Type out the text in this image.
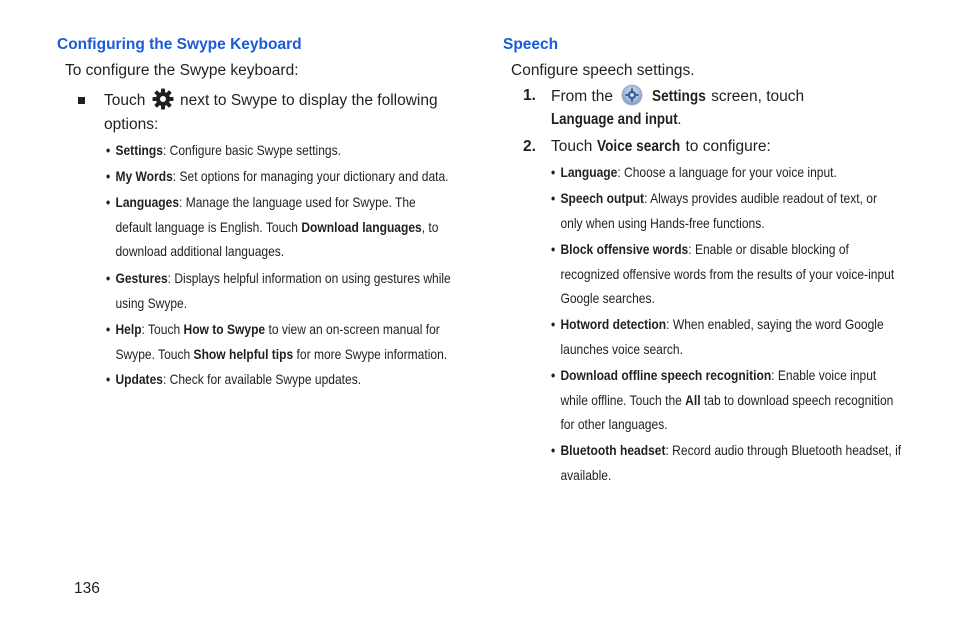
Configuring the Swype Keyboard
To configure the Swype keyboard:
Touch next to Swype to display the following
options:
• Settings: Configure basic Swype settings.
• My Words: Set options for managing your dictionary and data.
• Languages: Manage the language used for Swype. The
default language is English. Touch Download languages, to
download additional languages.
• Gestures: Displays helpful information on using gestures while
using Swype.
• Help: Touch How to Swype to view an on-screen manual for
Swype. Touch Show helpful tips for more Swype information.
• Updates: Check for available Swype updates.
Speech
Configure speech settings.
1. From the Settings screen, touch
Language and input.
2. Touch Voice search to configure:
• Language: Choose a language for your voice input.
• Speech output: Always provides audible readout of text, or
only when using Hands-free functions.
• Block offensive words: Enable or disable blocking of
recognized offensive words from the results of your voice-input
Google searches.
• Hotword detection: When enabled, saying the word Google
launches voice search.
• Download offline speech recognition: Enable voice input
while offline. Touch the All tab to download speech recognition
for other languages.
• Bluetooth headset: Record audio through Bluetooth headset, if
available.
136
